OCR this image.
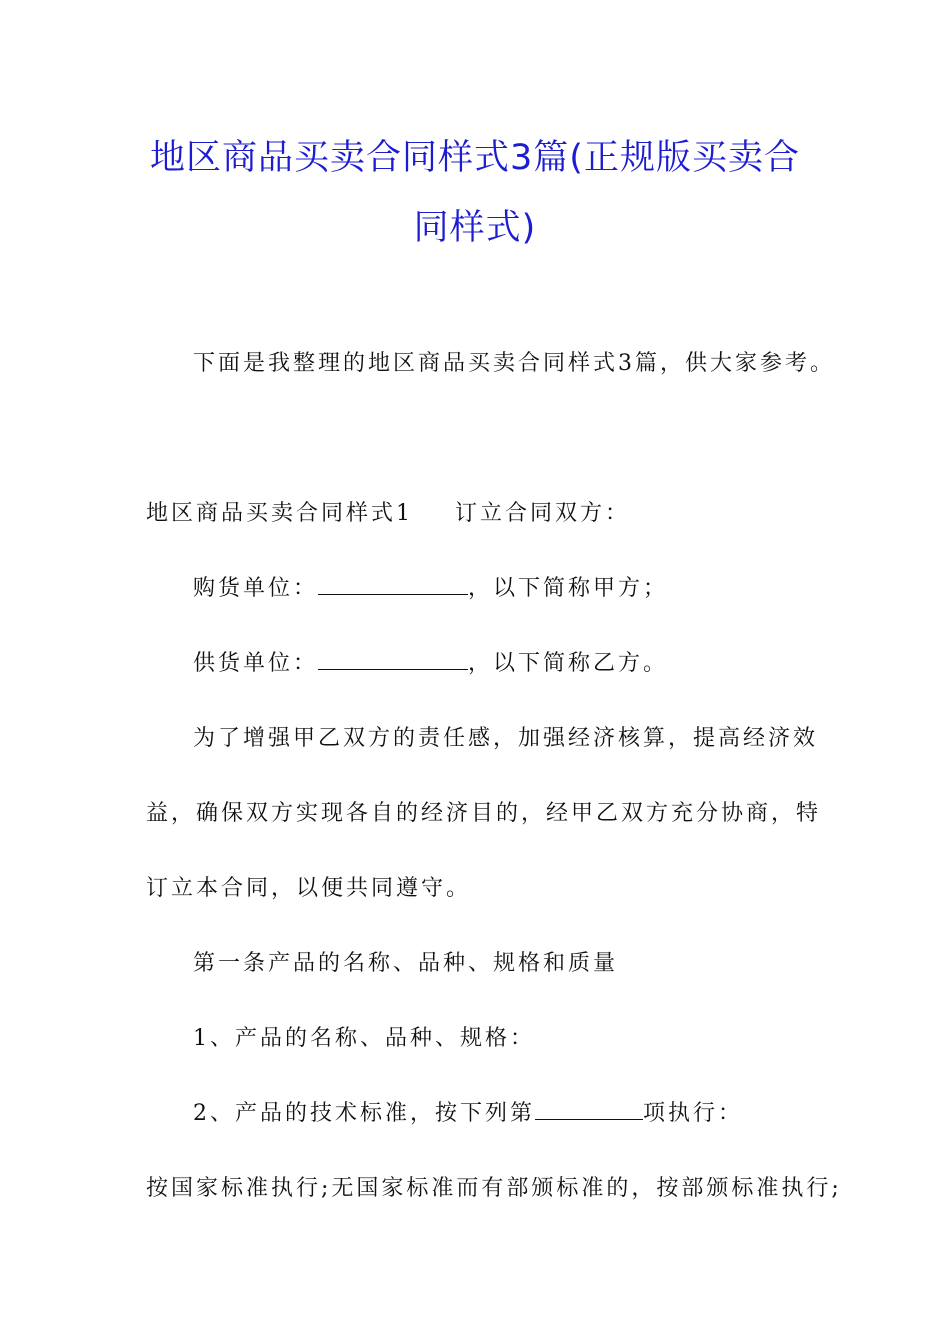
地区商品买卖合同样式3篇(正规版买卖合
同样式)

下面是我整理的地区商品买卖合同样式3篇，供大家参考。

地区商品买卖合同样式1 订立合同双方：

购货单位：	，以下简称甲方；

供货单位：	，以下简称乙方。

为了增强甲乙双方的责任感，加强经济核算，提高经济效

益，确保双方实现各自的经济目的，经甲乙双方充分协商，特

订立本合同，以便共同遵守。

第一条产品的名称、品种、规格和质量

1、产品的名称、品种、规格：

2、产品的技术标准，按下列第	项执行：

按国家标准执行;无国家标准而有部颁标准的，按部颁标准执行;
